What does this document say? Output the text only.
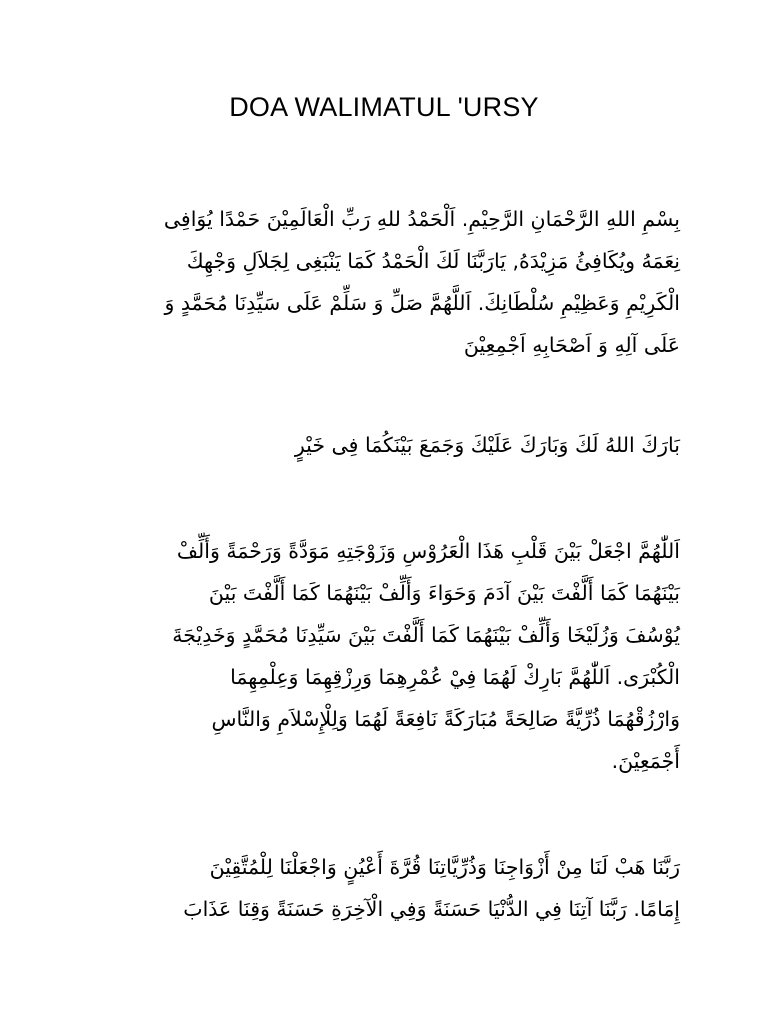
DOA WALIMATUL 'URSY
بِسْمِ اللهِ الرَّحْمَانِ الرَّحِيْمِ. اَلْحَمْدُ للهِ رَبِّ الْعَالَمِيْنَ حَمْدًا يُوَافِى
نِعَمَهُ ويُكَافِئُ مَزِيْدَهُ, يَارَبَّنَا لَكَ الْحَمْدُ كَمَا يَنْبَغِى لِجَلاَلِ وَجْهِكَ
الْكَرِيْمِ وَعَظِيْمِ سُلْطَانِكَ. اَللَّهُمَّ صَلِّ وَ سَلِّمْ عَلَى سَيِّدِنَا مُحَمَّدٍ وَ
عَلَى آلِهِ وَ اَصْحَابِهِ اَجْمِعِيْنَ
بَارَكَ اللهُ لَكَ وَبَارَكَ عَلَيْكَ وَجَمَعَ بَيْنَكُمَا فِى خَيْرٍ
اَللّٰهُمَّ اجْعَلْ بَيْنَ قَلْبِ هَذَا الْعَرُوْسِ وَزَوْجَتِهِ مَوَدَّةً وَرَحْمَةً وَأَلِّفْ
بَيْنَهُمَا كَمَا أَلَّفْتَ بَيْنَ آدَمَ وَحَوَاءَ وَأَلِّفْ بَيْنَهُمَا كَمَا أَلَّفْتَ بَيْنَ
يُوْسُفَ وَزُلَيْخَا وَأَلِّفْ بَيْنَهُمَا كَمَا أَلَّفْتَ بَيْنَ سَيِّدِنَا مُحَمَّدٍ وَخَدِيْجَةَ
الْكُبْرَى. اَللّٰهُمَّ بَارِكْ لَهُمَا فِيْ عُمْرِهِمَا وَرِزْقِهِمَا وَعِلْمِهِمَا
وَارْزُقْهُمَا ذُرِّيَّةً صَالِحَةً مُبَارَكَةً نَافِعَةً لَهُمَا وَلِلْإِسْلاَمِ وَالنَّاسِ
أَجْمَعِيْنَ.
رَبَّنَا هَبْ لَنَا مِنْ أَزْوَاجِنَا وَذُرِّيَّاتِنَا قُرَّةَ أَعْيُنٍ وَاجْعَلْنَا لِلْمُتَّقِيْنَ
إِمَامًا. رَبَّنَا آتِنَا فِي الدُّنْيَا حَسَنَةً وَفِي الْآخِرَةِ حَسَنَةً وَقِنَا عَذَابَ
